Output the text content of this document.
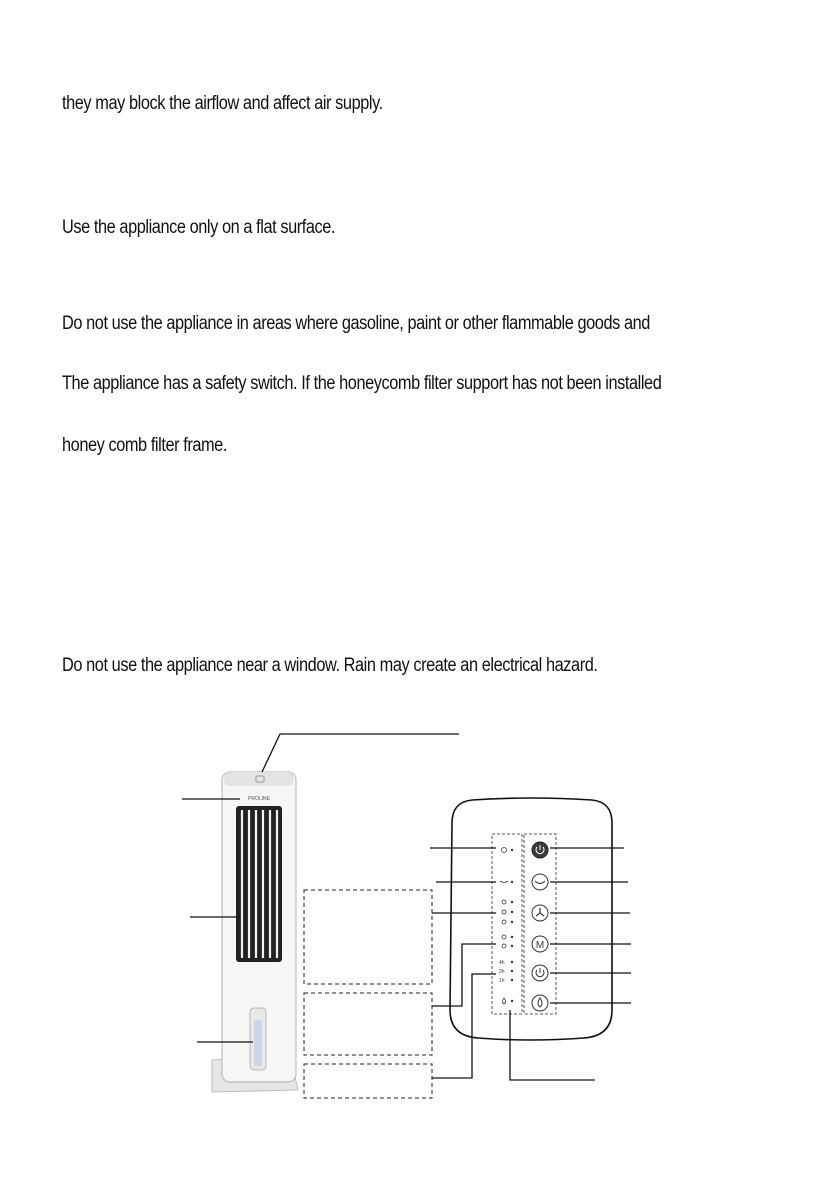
they may block the airflow and affect air supply.

Use the appliance only on a flat surface.

Do not use the appliance in areas where gasoline, paint or other flammable goods and

The appliance has a safety switch. If the honeycomb filter support has not been installed

honey comb filter frame.

Do not use the appliance near a window. Rain may create an electrical hazard.

PROLINE
M
4h
2h
1h
